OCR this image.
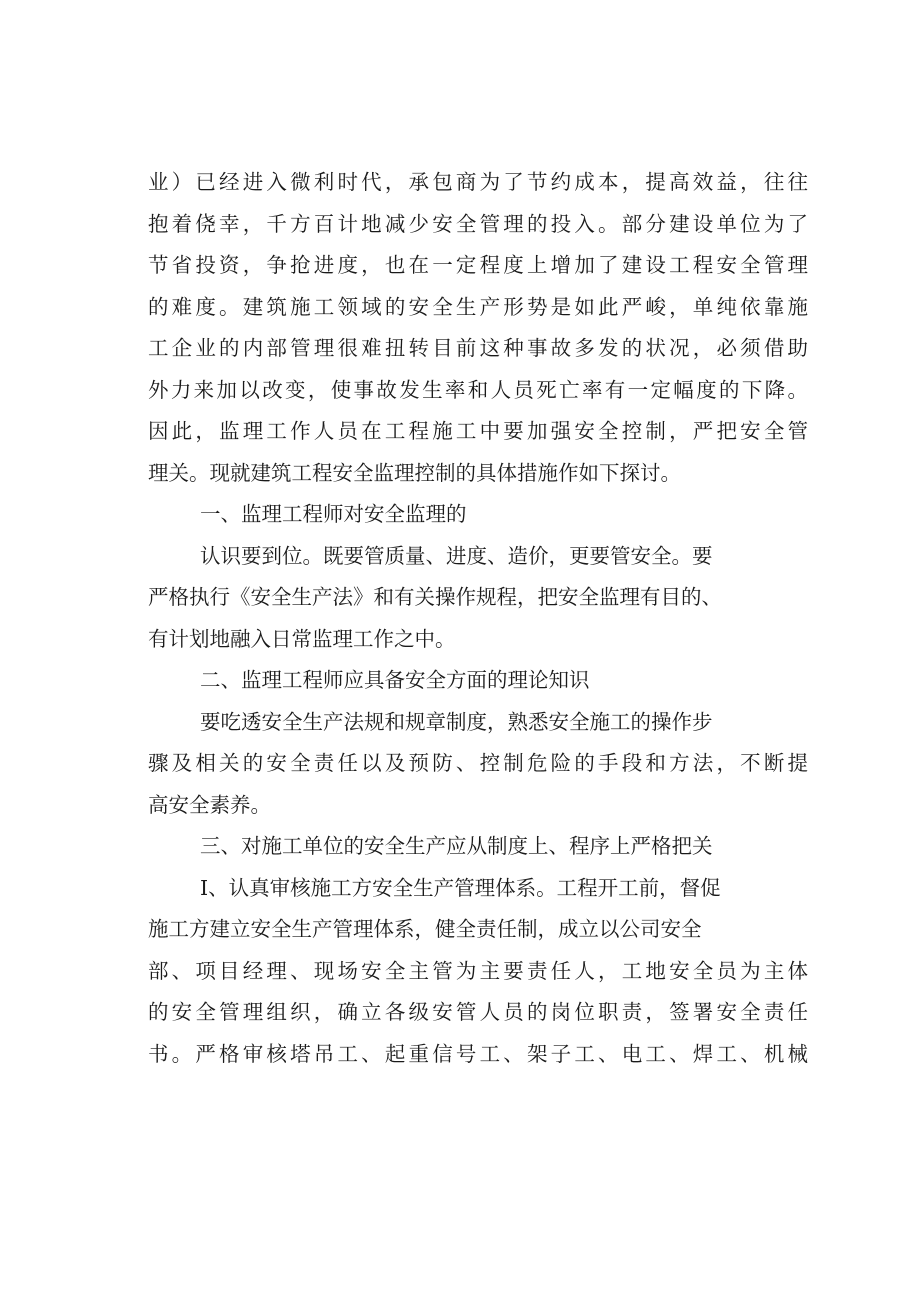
业）已经进入微利时代，承包商为了节约成本，提高效益，往往
抱着侥幸，千方百计地减少安全管理的投入。部分建设单位为了
节省投资，争抢进度，也在一定程度上增加了建设工程安全管理
的难度。建筑施工领域的安全生产形势是如此严峻，单纯依靠施
工企业的内部管理很难扭转目前这种事故多发的状况，必须借助
外力来加以改变，使事故发生率和人员死亡率有一定幅度的下降。
因此，监理工作人员在工程施工中要加强安全控制，严把安全管
理关。现就建筑工程安全监理控制的具体措施作如下探讨。
一、监理工程师对安全监理的
认识要到位。既要管质量、进度、造价，更要管安全。要
严格执行《安全生产法》和有关操作规程，把安全监理有目的、
有计划地融入日常监理工作之中。
二、监理工程师应具备安全方面的理论知识
要吃透安全生产法规和规章制度，熟悉安全施工的操作步
骤及相关的安全责任以及预防、控制危险的手段和方法，不断提
高安全素养。
三、对施工单位的安全生产应从制度上、程序上严格把关
I、认真审核施工方安全生产管理体系。工程开工前，督促
施工方建立安全生产管理体系，健全责任制，成立以公司安全
部、项目经理、现场安全主管为主要责任人，工地安全员为主体
的安全管理组织，确立各级安管人员的岗位职责，签署安全责任
书。严格审核塔吊工、起重信号工、架子工、电工、焊工、机械
